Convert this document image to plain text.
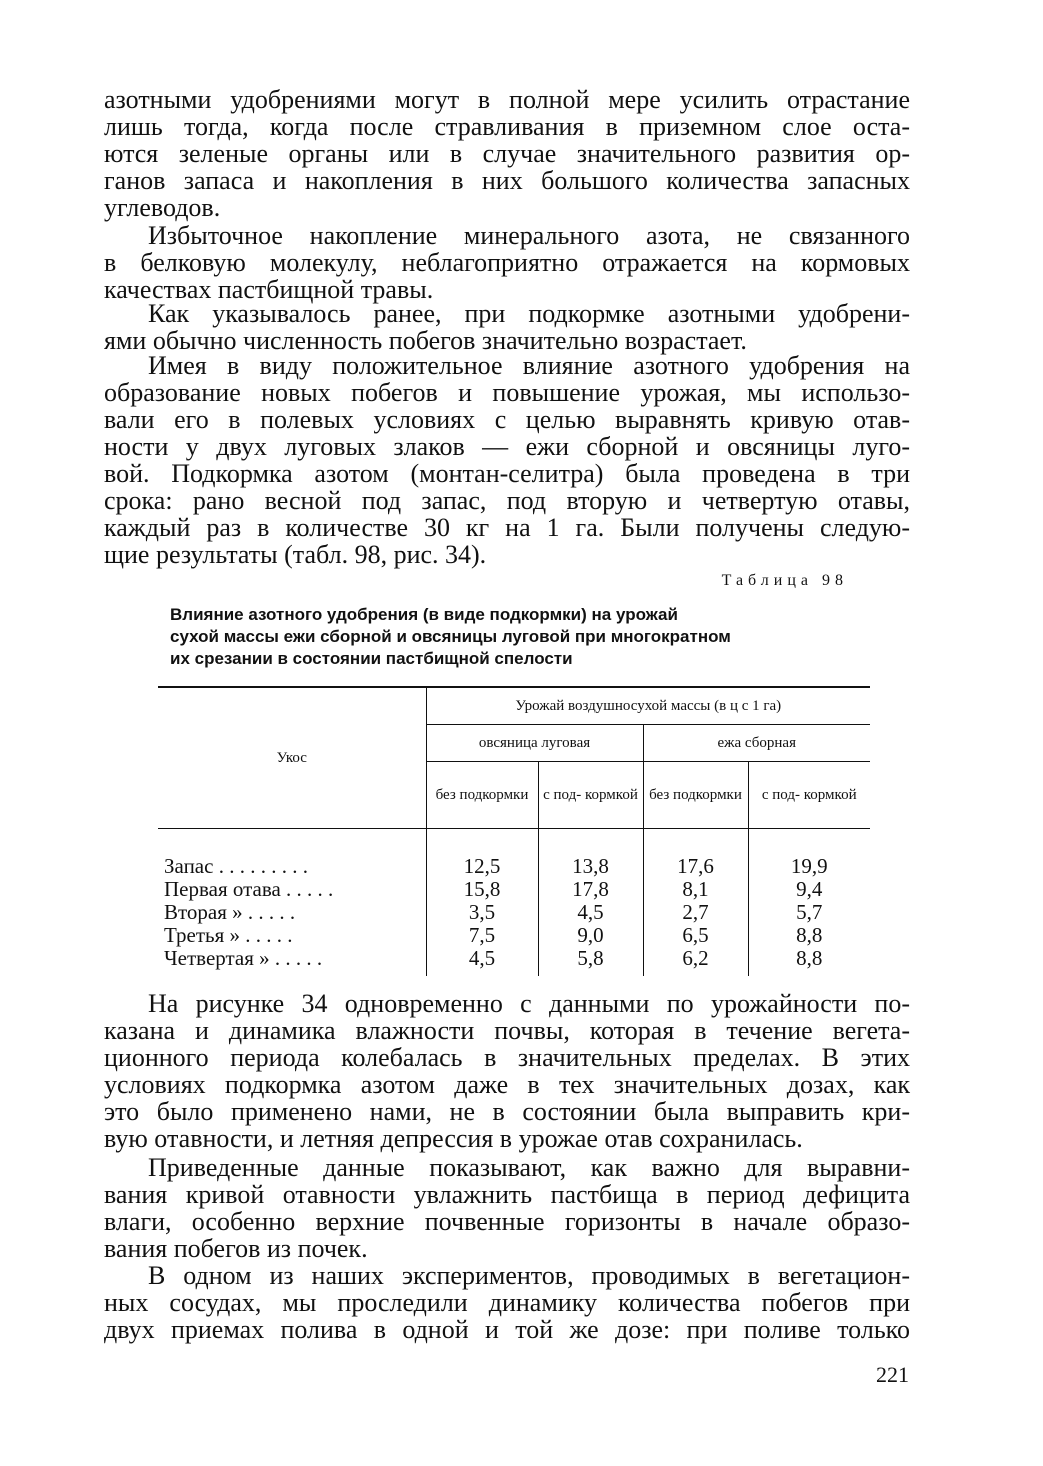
азотными удобрениями могут в полной мере усилить отрастание
лишь тогда, когда после стравливания в приземном слое оста-
ются зеленые органы или в случае значительного развития ор-
ганов запаса и накопления в них большого количества запасных
углеводов.
Избыточное накопление минерального азота, не связанного
в белковую молекулу, неблагоприятно отражается на кормовых
качествах пастбищной травы.
Как указывалось ранее, при подкормке азотными удобрени-
ями обычно численность побегов значительно возрастает.
Имея в виду положительное влияние азотного удобрения на
образование новых побегов и повышение урожая, мы использо-
вали его в полевых условиях с целью выравнять кривую отав-
ности у двух луговых злаков — ежи сборной и овсяницы луго-
вой. Подкормка азотом (монтан-селитра) была проведена в три
срока: рано весной под запас, под вторую и четвертую отавы,
каждый раз в количестве 30 кг на 1 га. Были получены следую-
щие результаты (табл. 98, рис. 34).
Таблица 98
Влияние азотного удобрения (в виде подкормки) на урожай
сухой массы ежи сборной и овсяницы луговой при многократном
их срезании в состоянии пастбищной спелости
Укос	Урожай воздушносухой массы (в ц с 1 га)			
	овсяница луговая		ежа сборная	
	без подкормки	с под- кормкой	без подкормки	с под- кормкой
Запас . . . . . . . . .	12,5	13,8	17,6	19,9
Первая отава . . . . .	15,8	17,8	8,1	9,4
Вторая » . . . . .	3,5	4,5	2,7	5,7
Третья » . . . . .	7,5	9,0	6,5	8,8
Четвертая » . . . . .	4,5	5,8	6,2	8,8
На рисунке 34 одновременно с данными по урожайности по-
казана и динамика влажности почвы, которая в течение вегета-
ционного периода колебалась в значительных пределах. В этих
условиях подкормка азотом даже в тех значительных дозах, как
это было применено нами, не в состоянии была выправить кри-
вую отавности, и летняя депрессия в урожае отав сохранилась.
Приведенные данные показывают, как важно для выравни-
вания кривой отавности увлажнить пастбища в период дефицита
влаги, особенно верхние почвенные горизонты в начале образо-
вания побегов из почек.
В одном из наших экспериментов, проводимых в вегетацион-
ных сосудах, мы проследили динамику количества побегов при
двух приемах полива в одной и той же дозе: при поливе только
221
